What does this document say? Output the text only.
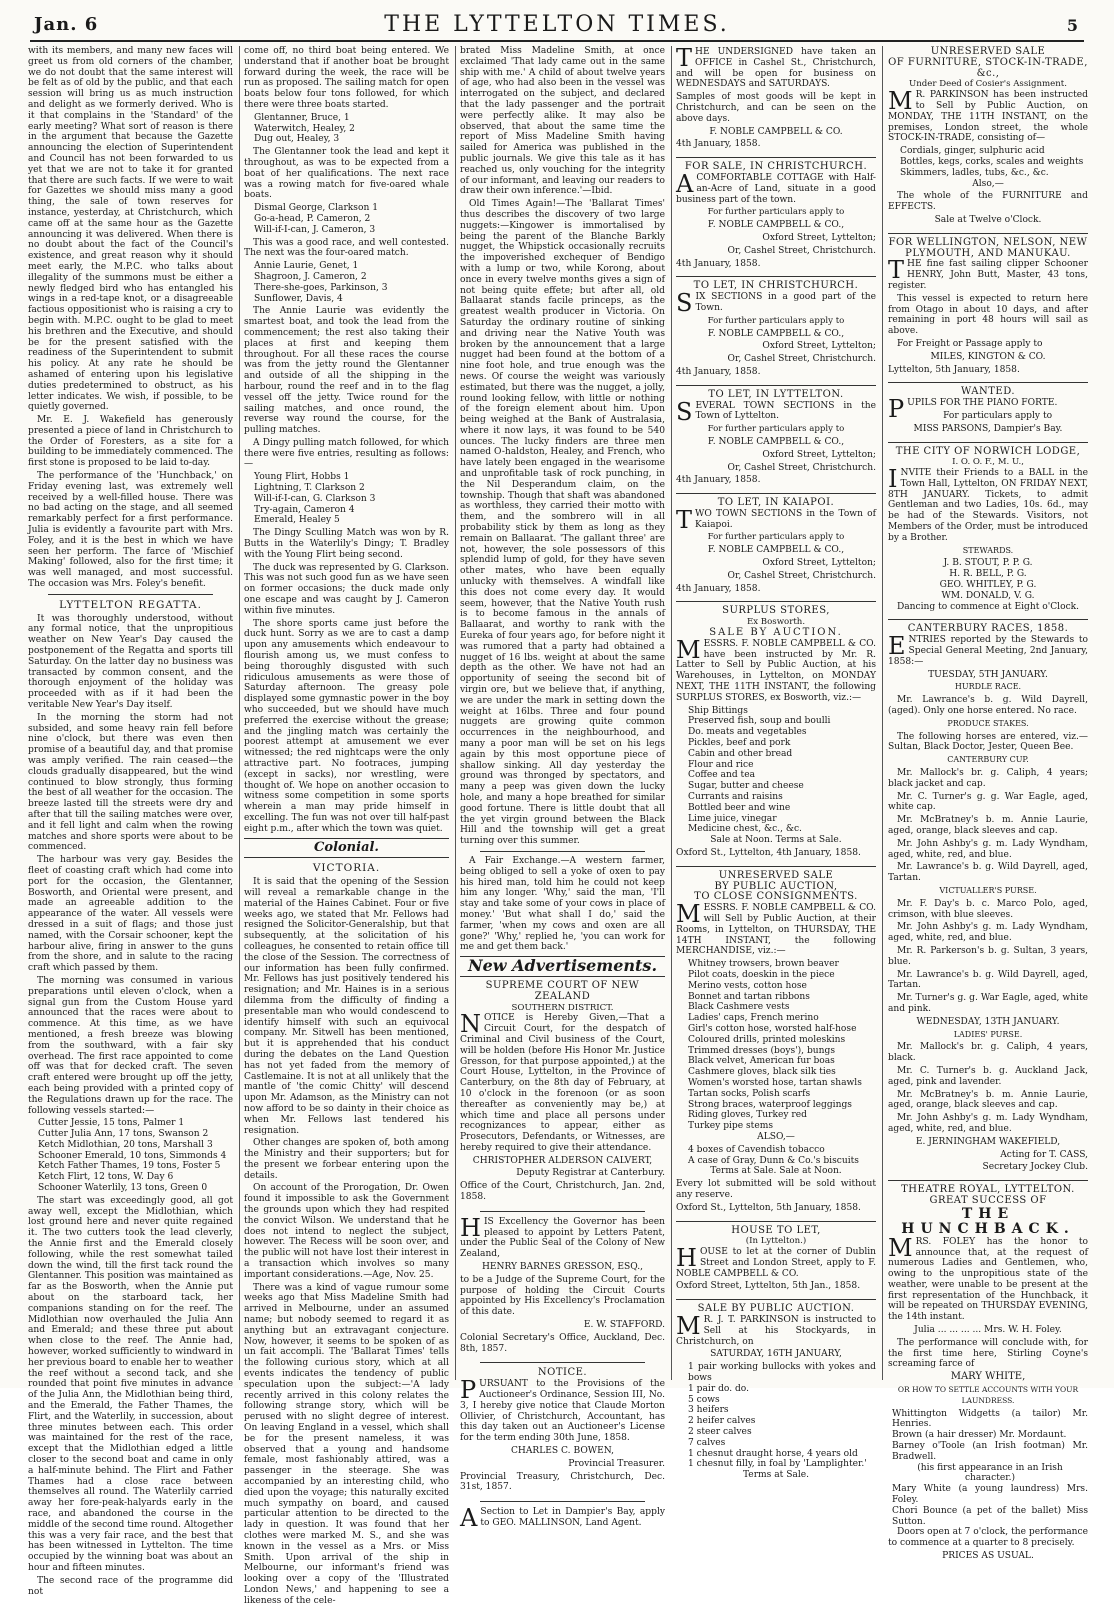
Jan. 6	THE LYTTELTON TIMES.	5

with its members, and many new faces will greet us from old corners of the chamber, we do not doubt that the same interest will be felt as of old by the public, and that each session will bring us as much instruction and delight as we formerly derived. Who is it that complains in the 'Standard' of the early meeting? What sort of reason is there in the argument that because the Gazette announcing the election of Superintendent and Council has not been forwarded to us yet that we are not to take it for granted that there are such facts. If we were to wait for Gazettes we should miss many a good thing, the sale of town reserves for instance, yesterday, at Christchurch, which came off at the same hour as the Gazette announcing it was delivered. When there is no doubt about the fact of the Council's existence, and great reason why it should meet early, the M.P.C. who talks about illegality of the summons must be either a newly fledged bird who has entangled his wings in a red-tape knot, or a disagreeable factious oppositionist who is raising a cry to begin with. M.P.C. ought to be glad to meet his brethren and the Executive, and should be for the present satisfied with the readiness of the Superintendent to submit his policy. At any rate he should be ashamed of entering upon his legislative duties predetermined to obstruct, as his letter indicates. We wish, if possible, to be quietly governed.

Mr. E. J. Wakefield has generously presented a piece of land in Christchurch to the Order of Foresters, as a site for a building to be immediately commenced. The first stone is proposed to be laid to-day.

The performance of the 'Hunchback,' on Friday evening last, was extremely well received by a well-filled house. There was no bad acting on the stage, and all seemed remarkably perfect for a first performance. Julia is evidently a favourite part with Mrs. Foley, and it is the best in which we have seen her perform. The farce of 'Mischief Making' followed, also for the first time; it was well managed, and most successful. The occasion was Mrs. Foley's benefit.

LYTTELTON REGATTA.

It was thoroughly understood, without any formal notice, that the unpropitious weather on New Year's Day caused the postponement of the Regatta and sports till Saturday. On the latter day no business was transacted by common consent, and the thorough enjoyment of the holiday was proceeded with as if it had been the veritable New Year's Day itself.

In the morning the storm had not subsided, and some heavy rain fell before nine o'clock, but there was even then promise of a beautiful day, and that promise was amply verified. The rain ceased—the clouds gradually disappeared, but the wind continued to blow strongly, thus forming the best of all weather for the occasion. The breeze lasted till the streets were dry and after that till the sailing matches were over, and it fell light and calm when the rowing matches and shore sports were about to be commenced.

The harbour was very gay. Besides the fleet of coasting craft which had come into port for the occasion, the Glentanner, Bosworth, and Oriental were present, and made an agreeable addition to the appearance of the water. All vessels were dressed in a suit of flags; and those just named, with the Corsair schooner, kept the harbour alive, firing in answer to the guns from the shore, and in salute to the racing craft which passed by them.

The morning was consumed in various preparations until eleven o'clock, when a signal gun from the Custom House yard announced that the races were about to commence. At this time, as we have mentioned, a fresh breeze was blowing from the southward, with a fair sky overhead. The first race appointed to come off was that for decked craft. The seven craft entered were brought up off the jetty, each being provided with a printed copy of the Regulations drawn up for the race. The following vessels started:—

Cutter Jessie, 15 tons, Palmer 1
Cutter Julia Ann, 17 tons, Swanson 2
Ketch Midlothian, 20 tons, Marshall 3
Schooner Emerald, 10 tons, Simmonds 4
Ketch Father Thames, 19 tons, Foster 5
Ketch Flirt, 12 tons, W. Day 6
Schooner Waterlily, 13 tons, Green 0

The start was exceedingly good, all got away well, except the Midlothian, which lost ground here and never quite regained it. The two cutters took the lead cleverly, the Annie first and the Emerald closely following, while the rest somewhat tailed down the wind, till the first tack round the Glentanner. This position was maintained as far as the Bosworth, when the Annie put about on the starboard tack, her companions standing on for the reef. The Midlothian now overhauled the Julia Ann and Emerald; and these three put about when close to the reef. The Annie had, however, worked sufficiently to windward in her previous board to enable her to weather the reef without a second tack, and she rounded that point five minutes in advance of the Julia Ann, the Midlothian being third, and the Emerald, the Father Thames, the Flirt, and the Waterlily, in succession, about three minutes between each. This order was maintained for the rest of the race, except that the Midlothian edged a little closer to the second boat and came in only a half-minute behind. The Flirt and Father Thames had a close race between themselves all round. The Waterlily carried away her fore-peak-halyards early in the race, and abandoned the course in the middle of the second time round. Altogether this was a very fair race, and the best that has been witnessed in Lyttelton. The time occupied by the winning boat was about an hour and fifteen minutes.

The second race of the programme did not

come off, no third boat being entered. We understand that if another boat be brought forward during the week, the race will be run as proposed. The sailing match for open boats below four tons followed, for which there were three boats started.

Glentanner, Bruce, 1
Waterwitch, Healey, 2
Dug out, Healey, 3

The Glentanner took the lead and kept it throughout, as was to be expected from a boat of her qualifications. The next race was a rowing match for five-oared whale boats.

Dismal George, Clarkson 1
Go-a-head, P. Cameron, 2
Will-if-I-can, J. Cameron, 3

This was a good race, and well contested. The next was the four-oared match.

Annie Laurie, Genet, 1
Shagroon, J. Cameron, 2
There-she-goes, Parkinson, 3
Sunflower, Davis, 4

The Annie Laurie was evidently the smartest boat, and took the lead from the commencement; the rest also taking their places at first and keeping them throughout. For all these races the course was from the jetty round the Glentanner and outside of all the shipping in the harbour, round the reef and in to the flag vessel off the jetty. Twice round for the sailing matches, and once round, the reverse way round the course, for the pulling matches.

A Dingy pulling match followed, for which there were five entries, resulting as follows:—

Young Flirt, Hobbs 1
Lightning, T. Clarkson 2
Will-if-I-can, G. Clarkson 3
Try-again, Cameron 4
Emerald, Healey 5

The Dingy Sculling Match was won by R. Butts in the Waterlily's Dingy; T. Bradley with the Young Flirt being second.

The duck was represented by G. Clarkson. This was not such good fun as we have seen on former occasions; the duck made only one escape and was caught by J. Cameron within five minutes.

The shore sports came just before the duck hunt. Sorry as we are to cast a damp upon any amusements which endeavour to flourish among us, we must confess to being thoroughly disgusted with such ridiculous amusements as were those of Saturday afternoon. The greasy pole displayed some gymnastic power in the boy who succeeded, but we should have much preferred the exercise without the grease; and the jingling match was certainly the poorest attempt at amusement we ever witnessed; the red nightcaps were the only attractive part. No footraces, jumping (except in sacks), nor wrestling, were thought of. We hope on another occasion to witness some competition in some sports wherein a man may pride himself in excelling. The fun was not over till half-past eight p.m., after which the town was quiet.

Colonial.
VICTORIA.

It is said that the opening of the Session will reveal a remarkable change in the material of the Haines Cabinet. Four or five weeks ago, we stated that Mr. Fellows had resigned the Solicitor-Generalship, but that subsequently, at the solicitation of his colleagues, he consented to retain office till the close of the Session. The correctness of our information has been fully confirmed. Mr. Fellows has just positively tendered his resignation; and Mr. Haines is in a serious dilemma from the difficulty of finding a presentable man who would condescend to identify himself with such an equivocal company. Mr. Sitwell has been mentioned, but it is apprehended that his conduct during the debates on the Land Question has not yet faded from the memory of Castlemaine. It is not at all unlikely that the mantle of 'the comic Chitty' will descend upon Mr. Adamson, as the Ministry can not now afford to be so dainty in their choice as when Mr. Fellows last tendered his resignation.

Other changes are spoken of, both among the Ministry and their supporters; but for the present we forbear entering upon the details.

On account of the Prorogation, Dr. Owen found it impossible to ask the Government the grounds upon which they had respited the convict Wilson. We understand that he does not intend to neglect the subject, however. The Recess will be soon over, and the public will not have lost their interest in a transaction which involves so many important considerations.—Age, Nov. 25.

There was a kind of vague rumour some weeks ago that Miss Madeline Smith had arrived in Melbourne, under an assumed name; but nobody seemed to regard it as anything but an extravagant conjecture. Now, however, it seems to be spoken of as un fait accompli. The 'Ballarat Times' tells the following curious story, which at all events indicates the tendency of public speculation upon the subject:—'A lady recently arrived in this colony relates the following strange story, which will be perused with no slight degree of interest. On leaving England in a vessel, which shall be for the present nameless, it was observed that a young and handsome female, most fashionably attired, was a passenger in the steerage. She was accompanied by an interesting child, who died upon the voyage; this naturally excited much sympathy on board, and caused particular attention to be directed to the lady in question. It was found that her clothes were marked M. S., and she was known in the vessel as a Mrs. or Miss Smith. Upon arrival of the ship in Melbourne, our informant's friend was looking over a copy of the 'Illustrated London News,' and happening to see a likeness of the cele-

brated Miss Madeline Smith, at once exclaimed 'That lady came out in the same ship with me.' A child of about twelve years of age, who had also been in the vessel was interrogated on the subject, and declared that the lady passenger and the portrait were perfectly alike. It may also be observed, that about the same time the report of Miss Madeline Smith having sailed for America was published in the public journals. We give this tale as it has reached us, only vouching for the integrity of our informant, and leaving our readers to draw their own inference.'—Ibid.

Old Times Again!—The 'Ballarat Times' thus describes the discovery of two large nuggets:—Kingower is immortalised by being the parent of the Blanche Barkly nugget, the Whipstick occasionally recruits the impoverished exchequer of Bendigo with a lump or two, while Korong, about once in every twelve months gives a sign of not being quite effete; but after all, old Ballaarat stands facile princeps, as the greatest wealth producer in Victoria. On Saturday the ordinary routine of sinking and driving near the Native Youth was broken by the announcement that a large nugget had been found at the bottom of a nine foot hole, and true enough was the news. Of course the weight was variously estimated, but there was the nugget, a jolly, round looking fellow, with little or nothing of the foreign element about him. Upon being weighed at the Bank of Australasia, where it now lays, it was found to be 540 ounces. The lucky finders are three men named O-haldston, Healey, and French, who have lately been engaged in the wearisome and unprofitable task of rock punching, in the Nil Desperandum claim, on the township. Though that shaft was abandoned as worthless, they carried their motto with them, and the sombrero will in all probability stick by them as long as they remain on Ballaarat. 'The gallant three' are not, however, the sole possessors of this splendid lump of gold, for they have seven other mates, who have been equally unlucky with themselves. A windfall like this does not come every day. It would seem, however, that the Native Youth rush is to become famous in the annals of Ballaarat, and worthy to rank with the Eureka of four years ago, for before night it was rumored that a party had obtained a nugget of 16 lbs. weight at about the same depth as the other. We have not had an opportunity of seeing the second bit of virgin ore, but we believe that, if anything, we are under the mark in setting down the weight at 16lbs. Three and four pound nuggets are growing quite common occurrences in the neighbourhood, and many a poor man will be set on his legs again by this most opportune piece of shallow sinking. All day yesterday the ground was thronged by spectators, and many a peep was given down the lucky hole, and many a hope breathed for similar good fortune. There is little doubt that all the yet virgin ground between the Black Hill and the township will get a great turning over this summer.

A Fair Exchange.—A western farmer, being obliged to sell a yoke of oxen to pay his hired man, told him he could not keep him any longer. 'Why,' said the man, 'I'll stay and take some of your cows in place of money.' 'But what shall I do,' said the farmer, 'when my cows and oxen are all gone?' 'Why,' replied he, 'you can work for me and get them back.'

New Advertisements.
SUPREME COURT OF NEW ZEALAND
SOUTHERN DISTRICT.

NOTICE is Hereby Given,—That a Circuit Court, for the despatch of Criminal and Civil business of the Court, will be holden (before His Honor Mr. Justice Gresson, for that purpose appointed,) at the Court House, Lyttelton, in the Province of Canterbury, on the 8th day of February, at 10 o'clock in the forenoon (or as soon thereafter as conveniently may be,) at which time and place all persons under recognizances to appear, either as Prosecutors, Defendants, or Witnesses, are hereby required to give their attendance.

CHRISTOPHER ALDERSON CALVERT,

Deputy Registrar at Canterbury.

Office of the Court, Christchurch, Jan. 2nd, 1858.

HIS Excellency the Governor has been pleased to appoint by Letters Patent, under the Public Seal of the Colony of New Zealand,

HENRY BARNES GRESSON, ESQ.,

to be a Judge of the Supreme Court, for the purpose of holding the Circuit Courts appointed by His Excellency's Proclamation of this date.

E. W. STAFFORD.

Colonial Secretary's Office, Auckland, Dec. 8th, 1857.

NOTICE.

PURSUANT to the Provisions of the Auctioneer's Ordinance, Session III, No. 3, I hereby give notice that Claude Morton Ollivier, of Christchurch, Accountant, has this day taken out an Auctioneer's License for the term ending 30th June, 1858.

CHARLES C. BOWEN,

Provincial Treasurer.

Provincial Treasury, Christchurch, Dec. 31st, 1857.

ASection to Let in Dampier's Bay, apply to GEO. MALLINSON, Land Agent.

THE UNDERSIGNED have taken an OFFICE in Cashel St., Christchurch, and will be open for business on WEDNESDAYS and SATURDAYS.

Samples of most goods will be kept in Christchurch, and can be seen on the above days.

F. NOBLE CAMPBELL & CO.

4th January, 1858.

FOR SALE, IN CHRISTCHURCH.

ACOMFORTABLE COTTAGE with Half-an-Acre of Land, situate in a good business part of the town.

For further particulars apply to

F. NOBLE CAMPBELL & CO.,

Oxford Street, Lyttelton;

Or, Cashel Street, Christchurch.

4th January, 1858.

TO LET, IN CHRISTCHURCH.

SIX SECTIONS in a good part of the Town.

For further particulars apply to

F. NOBLE CAMPBELL & CO.,

Oxford Street, Lyttelton;

Or, Cashel Street, Christchurch.

4th January, 1858.

TO LET, IN LYTTELTON.

SEVERAL TOWN SECTIONS in the Town of Lyttelton.

For further particulars apply to

F. NOBLE CAMPBELL & CO.,

Oxford Street, Lyttelton;

Or, Cashel Street, Christchurch.

4th January, 1858.

TO LET, IN KAIAPOI.

TWO TOWN SECTIONS in the Town of Kaiapoi.

For further particulars apply to

F. NOBLE CAMPBELL & CO.,

Oxford Street, Lyttelton;

Or, Cashel Street, Christchurch.

4th January, 1858.

SURPLUS STORES,
Ex Bosworth.
SALE BY AUCTION.

MESSRS. F. NOBLE CAMPBELL & CO. have been instructed by Mr. R. Latter to Sell by Public Auction, at his Warehouses, in Lyttelton, on MONDAY NEXT, THE 11TH INSTANT, the following SURPLUS STORES, ex Bosworth, viz.:—

Ship Bittings
Preserved fish, soup and boulli
Do. meats and vegetables
Pickles, beef and pork
Cabin and other bread
Flour and rice
Coffee and tea
Sugar, butter and cheese
Currants and raisins
Bottled beer and wine
Lime juice, vinegar
Medicine chest, &c., &c.

Sale at Noon. Terms at Sale.

Oxford St., Lyttelton, 4th January, 1858.

UNRESERVED SALE
BY PUBLIC AUCTION,
TO CLOSE CONSIGNMENTS.

MESSRS. F. NOBLE CAMPBELL & CO. will Sell by Public Auction, at their Rooms, in Lyttelton, on THURSDAY, THE 14TH INSTANT, the following MERCHANDISE, viz.:—

Whitney trowsers, brown beaver
Pilot coats, doeskin in the piece
Merino vests, cotton hose
Bonnet and tartan ribbons
Black Cashmere vests
Ladies' caps, French merino
Girl's cotton hose, worsted half-hose
Coloured drills, printed moleskins
Trimmed dresses (boys'), bungs
Black velvet, American fur boas
Cashmere gloves, black silk ties
Women's worsted hose, tartan shawls
Tartan socks, Polish scarfs
Strong braces, waterproof leggings
Riding gloves, Turkey red
Turkey pipe stems

ALSO,—

4 boxes of Cavendish tobacco
A case of Gray, Dunn & Co.'s biscuits

Terms at Sale. Sale at Noon.

Every lot submitted will be sold without any reserve.

Oxford St., Lyttelton, 5th January, 1858.

HOUSE TO LET,
(In Lyttelton.)

HOUSE to let at the corner of Dublin Street and London Street, apply to F. NOBLE CAMPBELL & CO.

Oxford Street, Lyttelton, 5th Jan., 1858.

SALE BY PUBLIC AUCTION.

MR. J. T. PARKINSON is instructed to Sell at his Stockyards, in Christchurch, on

SATURDAY, 16TH JANUARY,

1 pair working bullocks with yokes and bows
1 pair do. do.
5 cows
3 heifers
2 heifer calves
2 steer calves
7 calves
1 chesnut draught horse, 4 years old
1 chesnut filly, in foal by 'Lamplighter.'

Terms at Sale.

UNRESERVED SALE
OF FURNITURE, STOCK-IN-TRADE, &c.,
Under Deed of Cosier's Assignment.

MR. PARKINSON has been instructed to Sell by Public Auction, on MONDAY, THE 11TH INSTANT, on the premises, London street, the whole STOCK-IN-TRADE, consisting of—

Cordials, ginger, sulphuric acid
Bottles, kegs, corks, scales and weights
Skimmers, ladles, tubs, &c., &c.

Also,—

The whole of the FURNITURE and EFFECTS.

Sale at Twelve o'Clock.

FOR WELLINGTON, NELSON, NEW PLYMOUTH, AND MANUKAU.

THE fine fast sailing clipper Schooner HENRY, John Butt, Master, 43 tons, register.

This vessel is expected to return here from Otago in about 10 days, and after remaining in port 48 hours will sail as above.

For Freight or Passage apply to

MILES, KINGTON & CO.

Lyttelton, 5th January, 1858.

WANTED.

PUPILS FOR THE PIANO FORTE.

For particulars apply to

MISS PARSONS, Dampier's Bay.

THE CITY OF NORWICH LODGE,
I. O. O. F., M. U.,

INVITE their Friends to a BALL in the Town Hall, Lyttelton, ON FRIDAY NEXT, 8TH JANUARY. Tickets, to admit Gentleman and two Ladies, 10s. 6d., may be had of the Stewards. Visitors, not Members of the Order, must be introduced by a Brother.

STEWARDS.

J. B. STOUT, P. P. G.
H. R. BELL, P. G.
GEO. WHITLEY, P. G.
WM. DONALD, V. G.

Dancing to commence at Eight o'Clock.

CANTERBURY RACES, 1858.

ENTRIES reported by the Stewards to Special General Meeting, 2nd January, 1858:—

TUESDAY, 5TH JANUARY.

HURDLE RACE.

Mr. Lawrance's b. g. Wild Dayrell, (aged). Only one horse entered. No race.

PRODUCE STAKES.

The following horses are entered, viz.—Sultan, Black Doctor, Jester, Queen Bee.

CANTERBURY CUP.

Mr. Mallock's br. g. Caliph, 4 years; black jacket and cap.

Mr. C. Turner's g. g. War Eagle, aged, white cap.

Mr. McBratney's b. m. Annie Laurie, aged, orange, black sleeves and cap.

Mr. John Ashby's g. m. Lady Wyndham, aged, white, red, and blue.

Mr. Lawrance's b. g. Wild Dayrell, aged, Tartan.

VICTUALLER'S PURSE.

Mr. F. Day's b. c. Marco Polo, aged, crimson, with blue sleeves.

Mr. John Ashby's g. m. Lady Wyndham, aged, white, red, and blue.

Mr. R. Parkerson's b. g. Sultan, 3 years, blue.

Mr. Lawrance's b. g. Wild Dayrell, aged, Tartan.

Mr. Turner's g. g. War Eagle, aged, white and pink.

WEDNESDAY, 13TH JANUARY.

LADIES' PURSE.

Mr. Mallock's br. g. Caliph, 4 years, black.

Mr. C. Turner's b. g. Auckland Jack, aged, pink and lavender.

Mr. McBratney's b. m. Annie Laurie, aged, orange, black sleeves and cap.

Mr. John Ashby's g. m. Lady Wyndham, aged, white, red, and blue.

E. JERNINGHAM WAKEFIELD,

Acting for T. CASS,

Secretary Jockey Club.

THEATRE ROYAL, LYTTELTON.
GREAT SUCCESS OF
THE HUNCHBACK.

MRS. FOLEY has the honor to announce that, at the request of numerous Ladies and Gentlemen, who, owing to the unpropitious state of the weather, were unable to be present at the first representation of the Hunchback, it will be repeated on THURSDAY EVENING, the 14th instant.

Julia ... ... ... ... Mrs. W. H. Foley.

The performance will conclude with, for the first time here, Stirling Coyne's screaming farce of

MARY WHITE,

OR HOW TO SETTLE ACCOUNTS WITH YOUR LAUNDRESS.

Whittington Widgetts (a tailor) Mr. Henries.
Brown (a hair dresser) Mr. Mordaunt.
Barney o'Toole (an Irish footman) Mr. Bradwell.
(his first appearance in an Irish character.)
Mary White (a young laundress) Mrs. Foley.
Chori Bounce (a pet of the ballet) Miss Sutton.

Doors open at 7 o'clock, the performance to commence at a quarter to 8 precisely.

PRICES AS USUAL.
